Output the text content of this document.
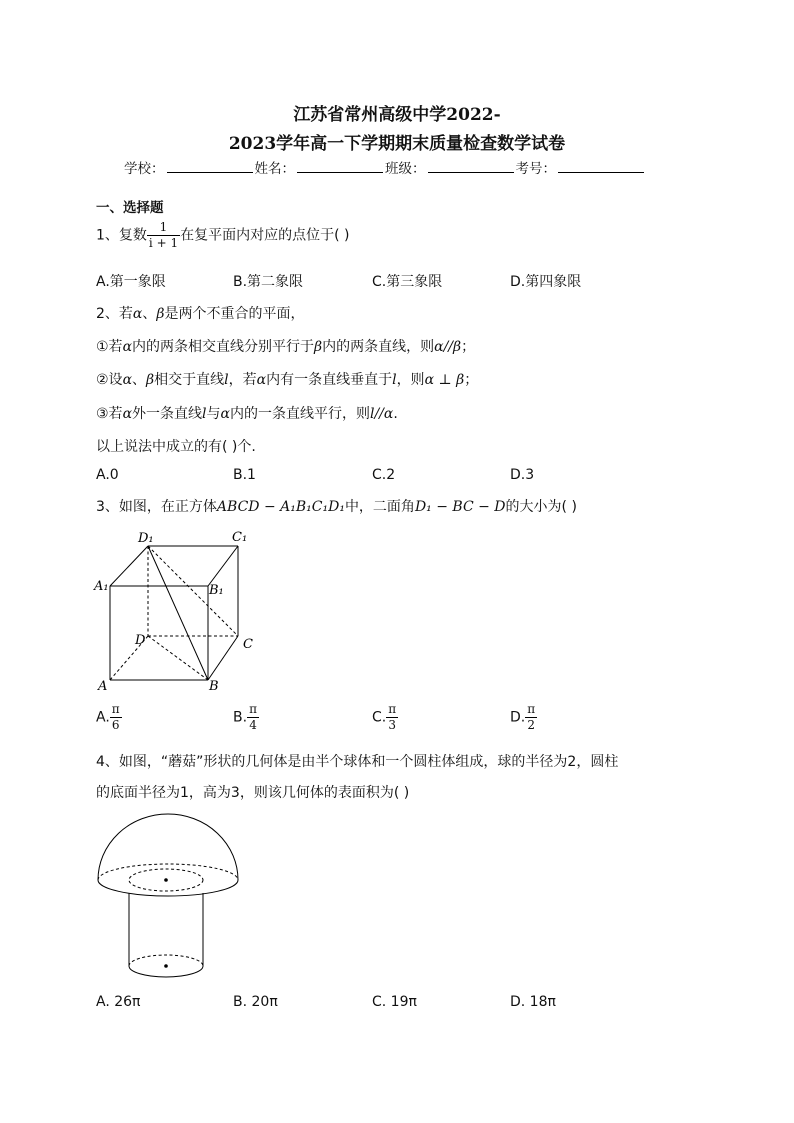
江苏省常州高级中学2022-
2023学年高一下学期期末质量检查数学试卷
学校：	姓名：	班级：	考号：
一、选择题
1、复数 $\frac{1}{i + 1}$ 在复平面内对应的点位于( )
A.第一象限	B.第二象限	C.第三象限	D.第四象限
2、若α、β是两个不重合的平面，
①若α内的两条相交直线分别平行于β内的两条直线，则α//β；
②设α、β相交于直线l，若α内有一条直线垂直于l，则α ⊥ β；
③若α外一条直线l与α内的一条直线平行，则l//α.
以上说法中成立的有( )个.
A.0	B.1	C.2	D.3
3、如图，在正方体ABCD − A₁B₁C₁D₁中，二面角D₁ − BC − D的大小为( )
D₁	C₁
A₁	B₁
D	C
A	B
A. $\frac{\pi}{6}$	B. $\frac{\pi}{4}$	C. $\frac{\pi}{3}$	D. $\frac{\pi}{2}$
4、如图，“蘑菇”形状的几何体是由半个球体和一个圆柱体组成，球的半径为2，圆柱
的底面半径为1，高为3，则该几何体的表面积为( )
A. 26π	B. 20π	C. 19π	D. 18π
